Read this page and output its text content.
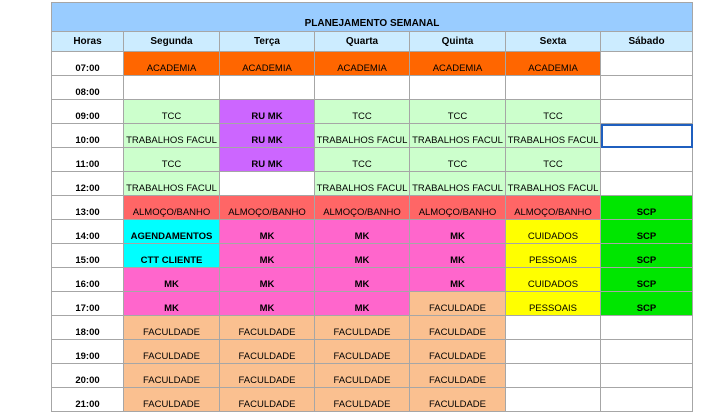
PLANEJAMENTO SEMANAL						
Horas	Segunda	Terça	Quarta	Quinta	Sexta	Sábado
07:00	ACADEMIA	ACADEMIA	ACADEMIA	ACADEMIA	ACADEMIA	
08:00						
09:00	TCC	RU MK	TCC	TCC	TCC	
10:00	TRABALHOS FACUL	RU MK	TRABALHOS FACUL	TRABALHOS FACUL	TRABALHOS FACUL	
11:00	TCC	RU MK	TCC	TCC	TCC	
12:00	TRABALHOS FACUL		TRABALHOS FACUL	TRABALHOS FACUL	TRABALHOS FACUL	
13:00	ALMOÇO/BANHO	ALMOÇO/BANHO	ALMOÇO/BANHO	ALMOÇO/BANHO	ALMOÇO/BANHO	SCP
14:00	AGENDAMENTOS	MK	MK	MK	CUIDADOS	SCP
15:00	CTT CLIENTE	MK	MK	MK	PESSOAIS	SCP
16:00	MK	MK	MK	MK	CUIDADOS	SCP
17:00	MK	MK	MK	FACULDADE	PESSOAIS	SCP
18:00	FACULDADE	FACULDADE	FACULDADE	FACULDADE		
19:00	FACULDADE	FACULDADE	FACULDADE	FACULDADE		
20:00	FACULDADE	FACULDADE	FACULDADE	FACULDADE		
21:00	FACULDADE	FACULDADE	FACULDADE	FACULDADE		
